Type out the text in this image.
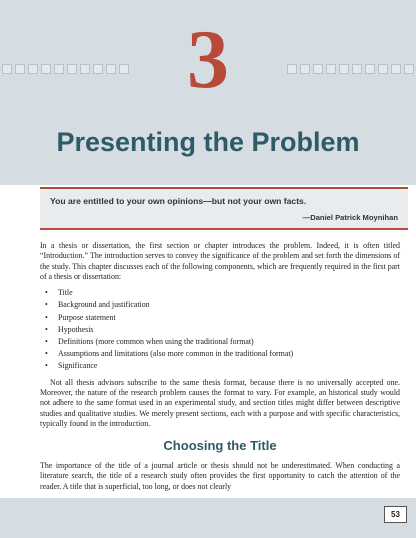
3
Presenting the Problem
You are entitled to your own opinions—but not your own facts.
—Daniel Patrick Moynihan

In a thesis or dissertation, the first section or chapter introduces the problem. Indeed, it is often titled “Introduction.” The introduction serves to convey the significance of the problem and set forth the dimensions of the study. This chapter discusses each of the following components, which are frequently required in the first part of a thesis or dissertation:

• Title
• Background and justification
• Purpose statement
• Hypothesis
• Definitions (more common when using the traditional format)
• Assumptions and limitations (also more common in the traditional format)
• Significance

Not all thesis advisors subscribe to the same thesis format, because there is no universally accepted one. Moreover, the nature of the research problem causes the format to vary. For example, an historical study would not adhere to the same format used in an experimental study, and section titles might differ between descriptive studies and qualitative studies. We merely present sections, each with a purpose and with specific characteristics, typically found in the introduction.

Choosing the Title

The importance of the title of a journal article or thesis should not be underestimated. When conducting a literature search, the title of a research study often provides the first opportunity to catch the attention of the reader. A title that is superficial, too long, or does not clearly

53
